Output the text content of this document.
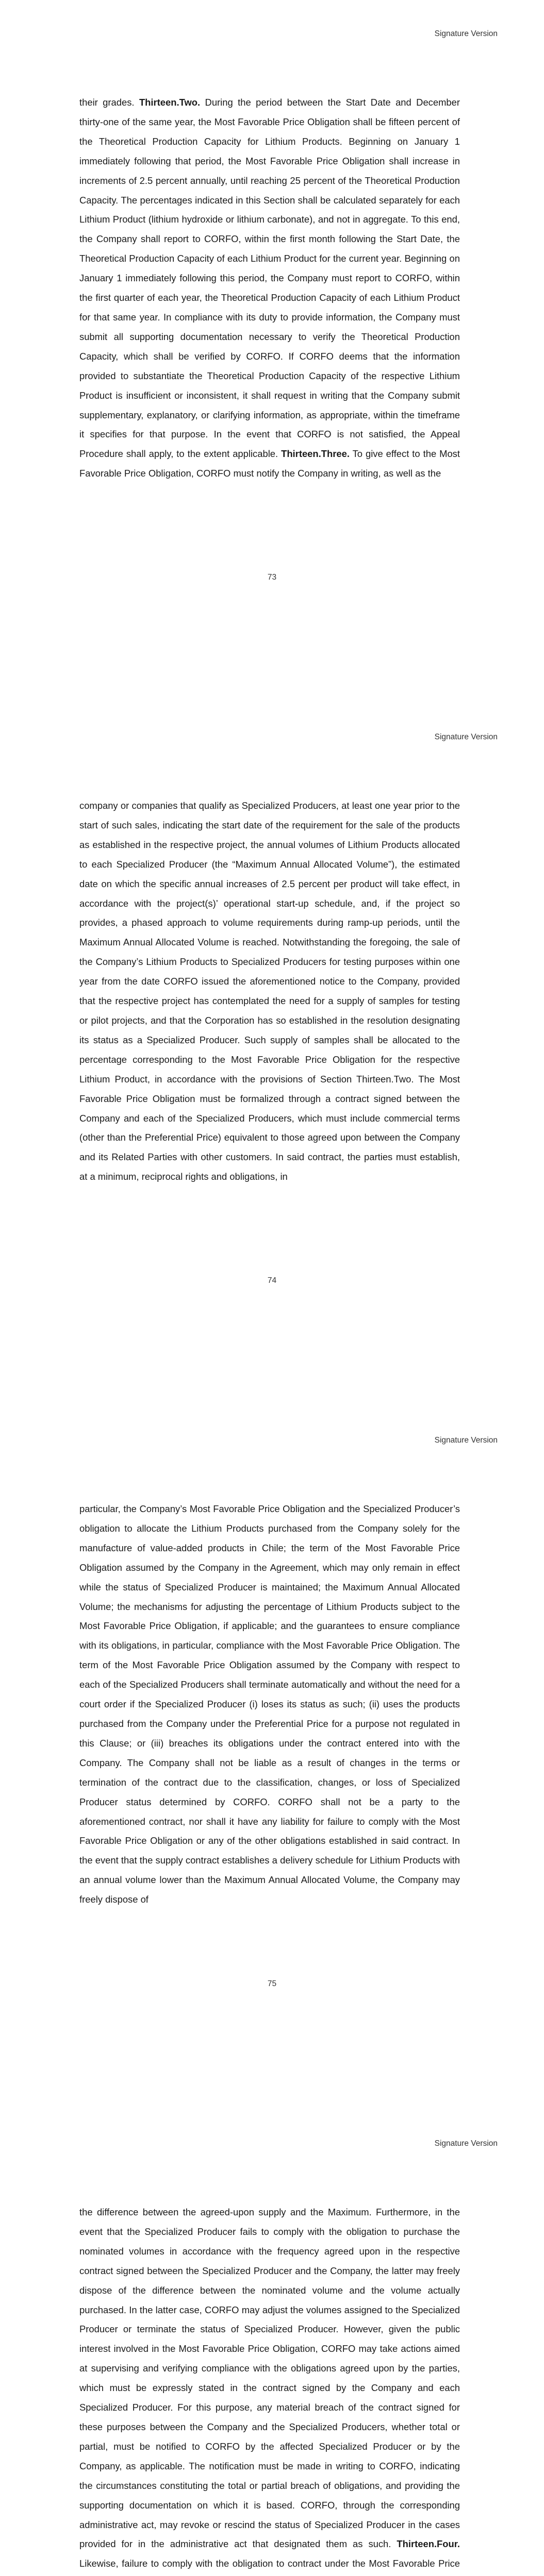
Signature Version

their grades. Thirteen.Two. During the period between the Start Date and December thirty-one of the same year, the Most Favorable Price Obligation shall be fifteen percent of the Theoretical Production Capacity for Lithium Products. Beginning on January 1 immediately following that period, the Most Favorable Price Obligation shall increase in increments of 2.5 percent annually, until reaching 25 percent of the Theoretical Production Capacity. The percentages indicated in this Section shall be calculated separately for each Lithium Product (lithium hydroxide or lithium carbonate), and not in aggregate. To this end, the Company shall report to CORFO, within the first month following the Start Date, the Theoretical Production Capacity of each Lithium Product for the current year. Beginning on January 1 immediately following this period, the Company must report to CORFO, within the first quarter of each year, the Theoretical Production Capacity of each Lithium Product for that same year. In compliance with its duty to provide information, the Company must submit all supporting documentation necessary to verify the Theoretical Production Capacity, which shall be verified by CORFO. If CORFO deems that the information provided to substantiate the Theoretical Production Capacity of the respective Lithium Product is insufficient or inconsistent, it shall request in writing that the Company submit supplementary, explanatory, or clarifying information, as appropriate, within the timeframe it specifies for that purpose. In the event that CORFO is not satisfied, the Appeal Procedure shall apply, to the extent applicable. Thirteen.Three. To give effect to the Most Favorable Price Obligation, CORFO must notify the Company in writing, as well as the

73
Signature Version

company or companies that qualify as Specialized Producers, at least one year prior to the start of such sales, indicating the start date of the requirement for the sale of the products as established in the respective project, the annual volumes of Lithium Products allocated to each Specialized Producer (the “Maximum Annual Allocated Volume”), the estimated date on which the specific annual increases of 2.5 percent per product will take effect, in accordance with the project(s)’ operational start-up schedule, and, if the project so provides, a phased approach to volume requirements during ramp-up periods, until the Maximum Annual Allocated Volume is reached. Notwithstanding the foregoing, the sale of the Company’s Lithium Products to Specialized Producers for testing purposes within one year from the date CORFO issued the aforementioned notice to the Company, provided that the respective project has contemplated the need for a supply of samples for testing or pilot projects, and that the Corporation has so established in the resolution designating its status as a Specialized Producer. Such supply of samples shall be allocated to the percentage corresponding to the Most Favorable Price Obligation for the respective Lithium Product, in accordance with the provisions of Section Thirteen.Two. The Most Favorable Price Obligation must be formalized through a contract signed between the Company and each of the Specialized Producers, which must include commercial terms (other than the Preferential Price) equivalent to those agreed upon between the Company and its Related Parties with other customers. In said contract, the parties must establish, at a minimum, reciprocal rights and obligations, in

74
Signature Version

particular, the Company’s Most Favorable Price Obligation and the Specialized Producer’s obligation to allocate the Lithium Products purchased from the Company solely for the manufacture of value-added products in Chile; the term of the Most Favorable Price Obligation assumed by the Company in the Agreement, which may only remain in effect while the status of Specialized Producer is maintained; the Maximum Annual Allocated Volume; the mechanisms for adjusting the percentage of Lithium Products subject to the Most Favorable Price Obligation, if applicable; and the guarantees to ensure compliance with its obligations, in particular, compliance with the Most Favorable Price Obligation. The term of the Most Favorable Price Obligation assumed by the Company with respect to each of the Specialized Producers shall terminate automatically and without the need for a court order if the Specialized Producer (i) loses its status as such; (ii) uses the products purchased from the Company under the Preferential Price for a purpose not regulated in this Clause; or (iii) breaches its obligations under the contract entered into with the Company. The Company shall not be liable as a result of changes in the terms or termination of the contract due to the classification, changes, or loss of Specialized Producer status determined by CORFO. CORFO shall not be a party to the aforementioned contract, nor shall it have any liability for failure to comply with the Most Favorable Price Obligation or any of the other obligations established in said contract. In the event that the supply contract establishes a delivery schedule for Lithium Products with an annual volume lower than the Maximum Annual Allocated Volume, the Company may freely dispose of

75
Signature Version

the difference between the agreed-upon supply and the Maximum. Furthermore, in the event that the Specialized Producer fails to comply with the obligation to purchase the nominated volumes in accordance with the frequency agreed upon in the respective contract signed between the Specialized Producer and the Company, the latter may freely dispose of the difference between the nominated volume and the volume actually purchased. In the latter case, CORFO may adjust the volumes assigned to the Specialized Producer or terminate the status of Specialized Producer. However, given the public interest involved in the Most Favorable Price Obligation, CORFO may take actions aimed at supervising and verifying compliance with the obligations agreed upon by the parties, which must be expressly stated in the contract signed by the Company and each Specialized Producer. For this purpose, any material breach of the contract signed for these purposes between the Company and the Specialized Producers, whether total or partial, must be notified to CORFO by the affected Specialized Producer or by the Company, as applicable. The notification must be made in writing to CORFO, indicating the circumstances constituting the total or partial breach of obligations, and providing the supporting documentation on which it is based. CORFO, through the corresponding administrative act, may revoke or rescind the status of Specialized Producer in the cases provided for in the administrative act that designated them as such. Thirteen.Four. Likewise, failure to comply with the obligation to contract under the Most Favorable Price
